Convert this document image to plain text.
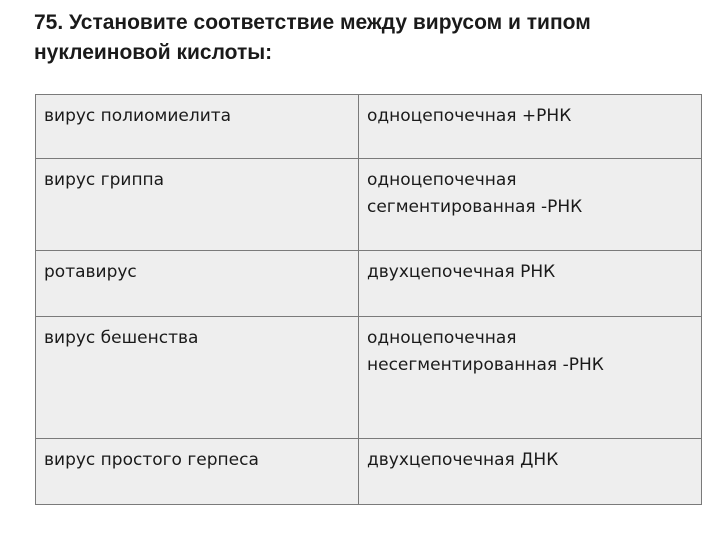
75. Установите соответствие между вирусом и типом
нуклеиновой кислоты:
вирус полиомиелита	одноцепочечная +РНК

вирус гриппа	одноцепочечная
сегментированная -РНК

ротавирус	двухцепочечная РНК

вирус бешенства	одноцепочечная
несегментированная -РНК

вирус простого герпеса	двухцепочечная ДНК
